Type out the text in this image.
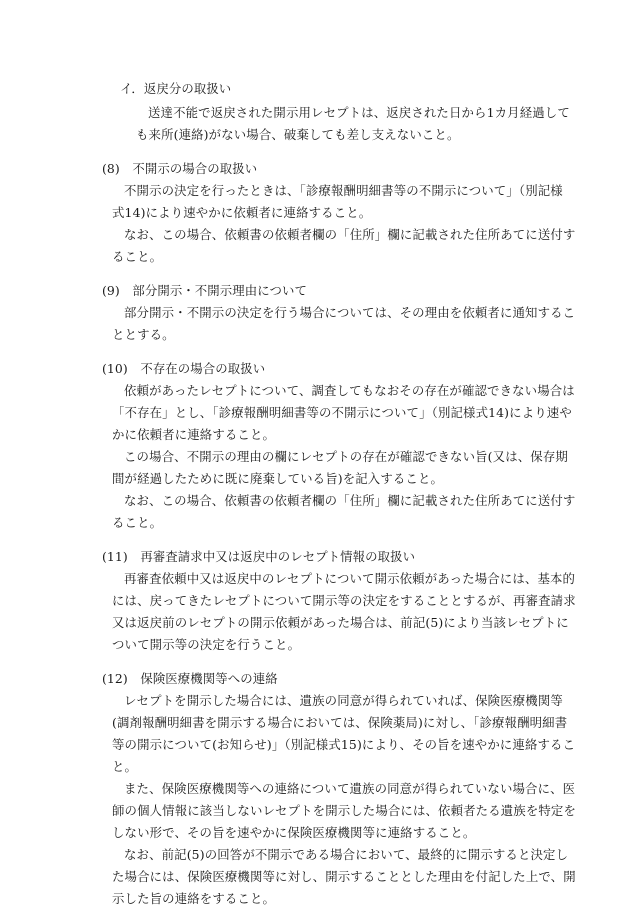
イ．返戻分の取扱い
送達不能で返戻された開示用レセプトは、返戻された日から1カ月経過して
も来所(連絡)がない場合、破棄しても差し支えないこと。
(8)　不開示の場合の取扱い
不開示の決定を行ったときは、「診療報酬明細書等の不開示について」（別記様
式14)により速やかに依頼者に連絡すること。
なお、この場合、依頼書の依頼者欄の「住所」欄に記載された住所あてに送付す
ること。
(9)　部分開示・不開示理由について
部分開示・不開示の決定を行う場合については、その理由を依頼者に通知するこ
ととする。
(10)　不存在の場合の取扱い
依頼があったレセプトについて、調査してもなおその存在が確認できない場合は
「不存在」とし、「診療報酬明細書等の不開示について」（別記様式14)により速や
かに依頼者に連絡すること。
この場合、不開示の理由の欄にレセプトの存在が確認できない旨(又は、保存期
間が経過したために既に廃棄している旨)を記入すること。
なお、この場合、依頼書の依頼者欄の「住所」欄に記載された住所あてに送付す
ること。
(11)　再審査請求中又は返戻中のレセプト情報の取扱い
再審査依頼中又は返戻中のレセプトについて開示依頼があった場合には、基本的
には、戻ってきたレセプトについて開示等の決定をすることとするが、再審査請求
又は返戻前のレセプトの開示依頼があった場合は、前記(5)により当該レセプトに
ついて開示等の決定を行うこと。
(12)　保険医療機関等への連絡
レセプトを開示した場合には、遺族の同意が得られていれば、保険医療機関等
(調剤報酬明細書を開示する場合においては、保険薬局)に対し、「診療報酬明細書
等の開示について(お知らせ)」（別記様式15)により、その旨を速やかに連絡するこ
と。
また、保険医療機関等への連絡について遺族の同意が得られていない場合に、医
師の個人情報に該当しないレセプトを開示した場合には、依頼者たる遺族を特定を
しない形で、その旨を速やかに保険医療機関等に連絡すること。
なお、前記(5)の回答が不開示である場合において、最終的に開示すると決定し
た場合には、保険医療機関等に対し、開示することとした理由を付記した上で、開
示した旨の連絡をすること。
